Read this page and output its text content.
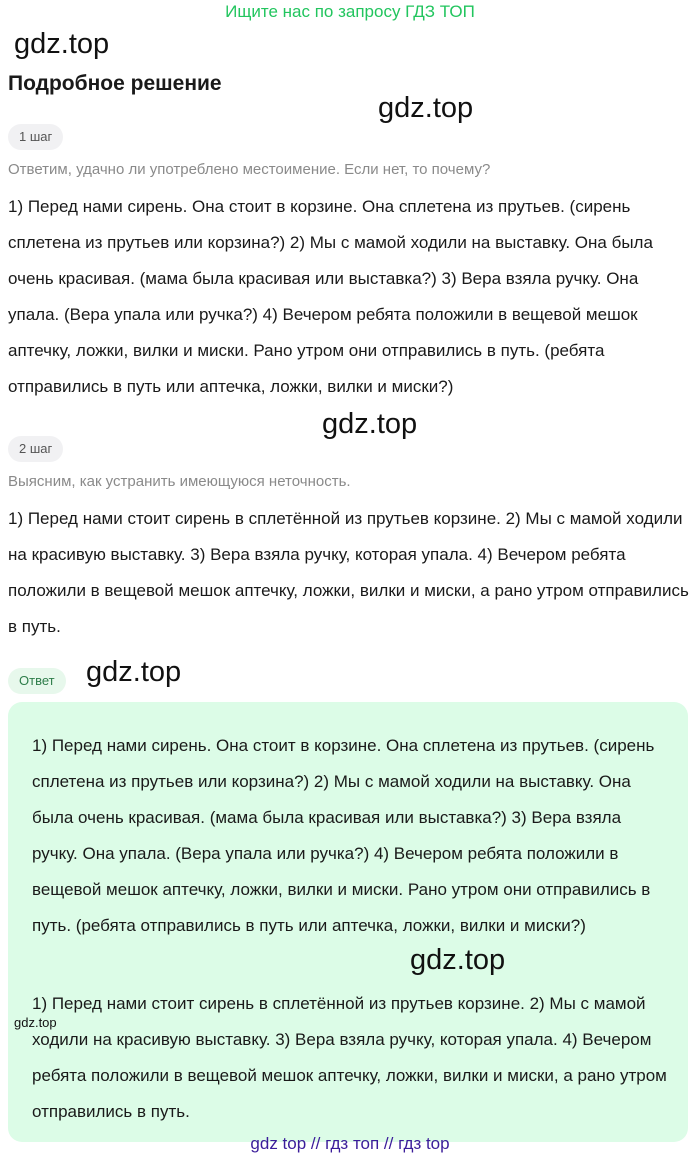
Ищите нас по запросу ГДЗ ТОП
gdz.top
Подробное решение
gdz.top
1 шаг

Ответим, удачно ли употреблено местоимение. Если нет, то почему?

1) Перед нами сирень. Она стоит в корзине. Она сплетена из прутьев. (сирень сплетена из прутьев или корзина?) 2) Мы с мамой ходили на выставку. Она была очень красивая. (мама была красивая или выставка?) 3) Вера взяла ручку. Она упала. (Вера упала или ручка?) 4) Вечером ребята положили в вещевой мешок аптечку, ложки, вилки и миски. Рано утром они отправились в путь. (ребята отправились в путь или аптечка, ложки, вилки и миски?)

gdz.top
2 шаг

Выясним, как устранить имеющуюся неточность.

1) Перед нами стоит сирень в сплетённой из прутьев корзине. 2) Мы с мамой ходили на красивую выставку. 3) Вера взяла ручку, которая упала. 4) Вечером ребята положили в вещевой мешок аптечку, ложки, вилки и миски, а рано утром отправились в путь.

Ответ	gdz.top

1) Перед нами сирень. Она стоит в корзине. Она сплетена из прутьев. (сирень сплетена из прутьев или корзина?) 2) Мы с мамой ходили на выставку. Она была очень красивая. (мама была красивая или выставка?) 3) Вера взяла ручку. Она упала. (Вера упала или ручка?) 4) Вечером ребята положили в вещевой мешок аптечку, ложки, вилки и миски. Рано утром они отправились в путь. (ребята отправились в путь или аптечка, ложки, вилки и миски?)

1) Перед нами стоит сирень в сплетённой из прутьев корзине. 2) Мы с мамой ходили на красивую выставку. 3) Вера взяла ручку, которая упала. 4) Вечером ребята положили в вещевой мешок аптечку, ложки, вилки и миски, а рано утром отправились в путь.

gdz.top
gdz.top
gdz top // гдз топ // гдз top
